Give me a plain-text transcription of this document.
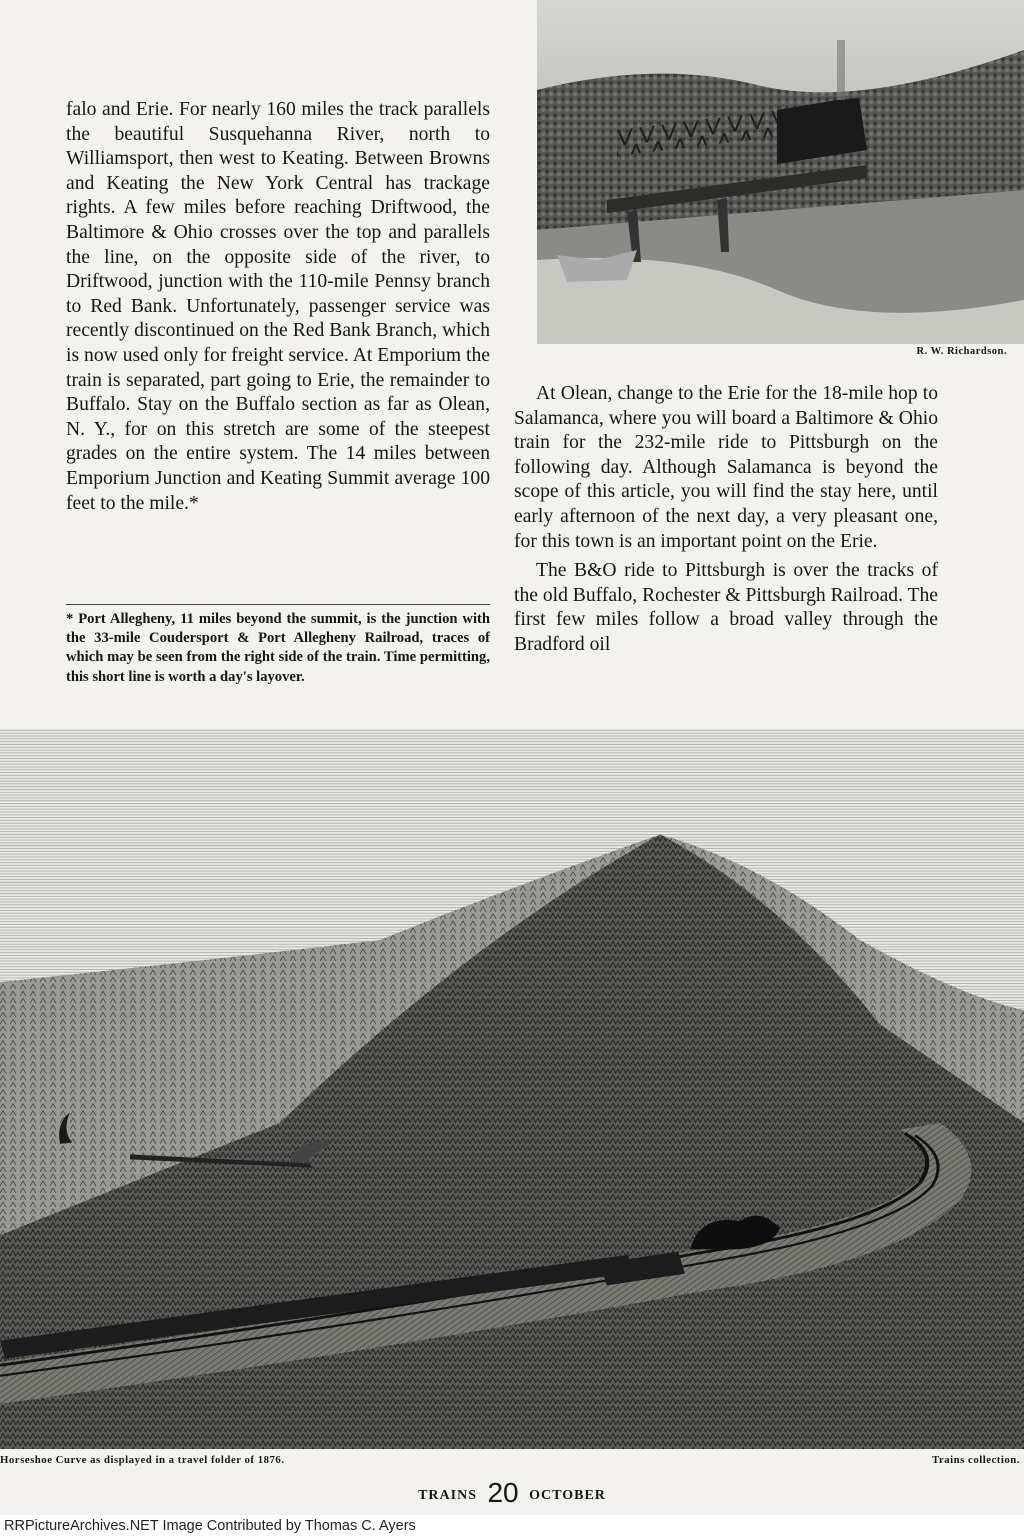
falo and Erie. For nearly 160 miles the track parallels the beautiful Susquehanna River, north to Williamsport, then west to Keating. Between Browns and Keating the New York Central has trackage rights. A few miles before reaching Driftwood, the Baltimore & Ohio crosses over the top and parallels the line, on the opposite side of the river, to Driftwood, junction with the 110-mile Pennsy branch to Red Bank. Unfortunately, passenger service was recently discontinued on the Red Bank Branch, which is now used only for freight service. At Emporium the train is separated, part going to Erie, the remainder to Buffalo. Stay on the Buffalo section as far as Olean, N. Y., for on this stretch are some of the steepest grades on the entire system. The 14 miles between Emporium Junction and Keating Summit average 100 feet to the mile.*

* Port Allegheny, 11 miles beyond the summit, is the junction with the 33-mile Coudersport & Port Allegheny Railroad, traces of which may be seen from the right side of the train. Time permitting, this short line is worth a day's layover.

R. W. Richardson.

At Olean, change to the Erie for the 18-mile hop to Salamanca, where you will board a Baltimore & Ohio train for the 232-mile ride to Pittsburgh on the following day. Although Salamanca is beyond the scope of this article, you will find the stay here, until early afternoon of the next day, a very pleasant one, for this town is an important point on the Erie.

The B&O ride to Pittsburgh is over the tracks of the old Buffalo, Rochester & Pittsburgh Railroad. The first few miles follow a broad valley through the Bradford oil

Horseshoe Curve as displayed in a travel folder of 1876.	Trains collection.
TRAINS 20 OCTOBER
RRPictureArchives.NET Image Contributed by Thomas C. Ayers
